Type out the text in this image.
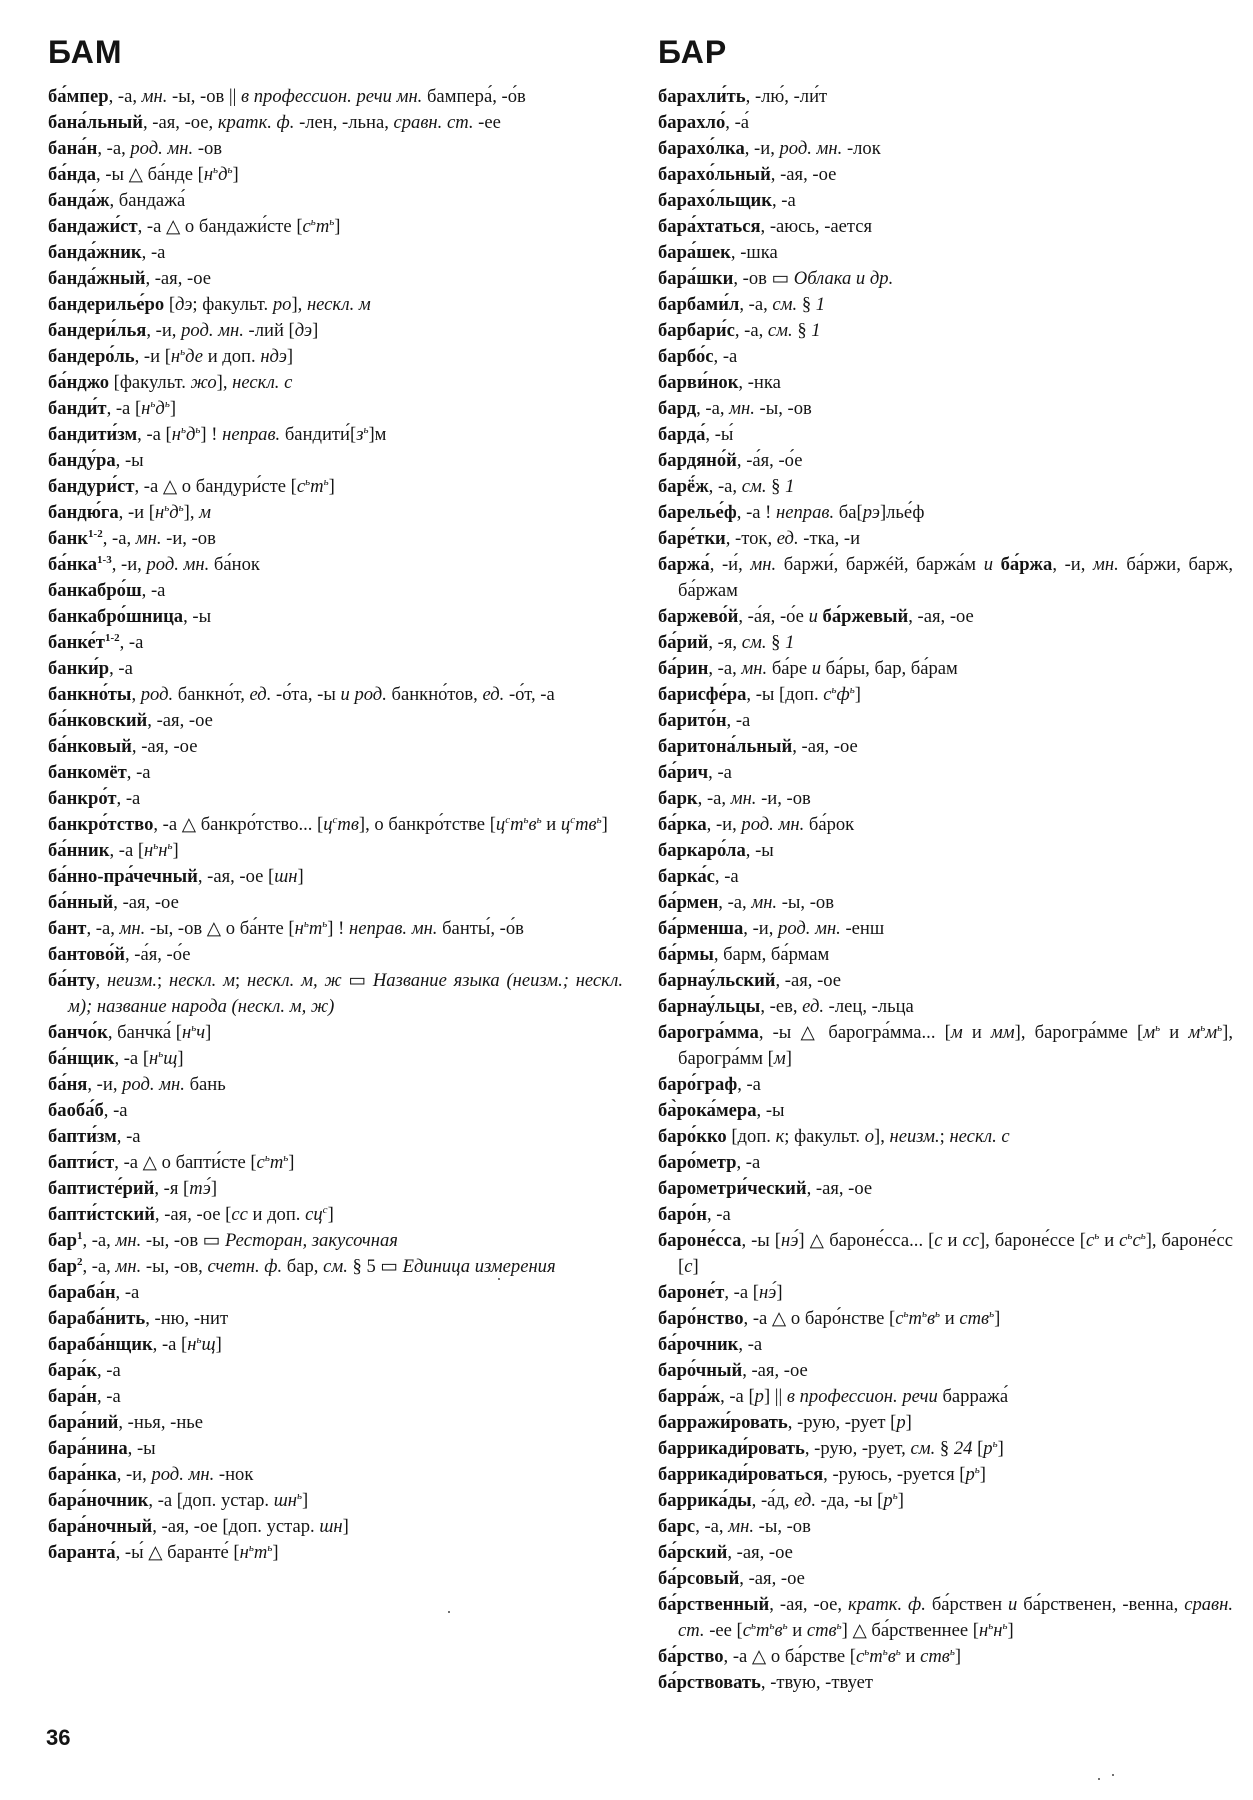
БАМ
ба́мпер, -а, мн. -ы, -ов || в профессион. речи мн. бампера́, -о́в
бана́льный, -ая, -ое, кратк. ф. -лен, -льна, сравн. ст. -ее
бана́н, -а, род. мн. -ов
ба́нда, -ы △ ба́нде $[н^ьд^ь]$
банда́ж, бандажа́
бандажи́ст, -а △ о бандажи́сте $[с^ьт^ь]$
банда́жник, -а
банда́жный, -ая, -ое
бандерилье́ро [дэ; факульт. ро], нескл. м
бандери́лья, -и, род. мн. -лий [дэ]
бандеро́ль, -и [$н^ьде$ и доп. ндэ]
ба́нджо [факульт. жо], нескл. с
банди́т, -а $[н^ьд^ь]$
бандити́зм, -а $[н^ьд^ь]$ ! неправ. $бандити́[з^ь]м$
банду́ра, -ы
бандури́ст, -а △ о бандури́сте $[с^ьт^ь]$
бандю́га, -и $[н^ьд^ь]$, м
банк$^{1-2}$, -а, мн. -и, -ов
ба́нка$^{1-3}$, -и, род. мн. ба́нок
банкабро́ш, -а
банкабро́шница, -ы
$банке́т^{1-2}$, -а
банки́р, -а
банкно́ты, род. банкно́т, ед. -о́та, -ы и род. банкно́тов, ед. -о́т, -а
ба́нковский, -ая, -ое
ба́нковый, -ая, -ое
банкомёт, -а
банкро́т, -а
банкро́тство, -а △ банкро́тство... $[ц^ств]$, о банкро́тстве [$ц^ст^ьв^ь$ и $ц^ств^ь$]
ба́нник, -а $[н^ьн^ь]$
ба́нно-пра́чечный, -ая, -ое [шн]
ба́нный, -ая, -ое
бант, -а, мн. -ы, -ов △ о ба́нте $[н^ьт^ь]$ ! неправ. мн. банты́, -о́в
бантово́й, -а́я, -о́е
ба́нту, неизм.; нескл. м; нескл. м, ж ▭ Название языка (неизм.; нескл. м); название народа (нескл. м, ж)
банчо́к, банчка́ $[н^ьч]$
ба́нщик, -а $[н^ьщ]$
ба́ня, -и, род. мн. бань
баоба́б, -а
бапти́зм, -а
бапти́ст, -а △ о бапти́сте $[с^ьт^ь]$
баптисте́рий, -я [тэ́]
бапти́стский, -ая, -ое [сс и доп. $сц^с$]
бар$^1$, -а, мн. -ы, -ов ▭ Ресторан, закусочная
бар$^2$, -а, мн. -ы, -ов, счетн. ф. бар, см. § 5 ▭ Единица измерения
бараба́н, -а
бараба́нить, -ню, -нит
бараба́нщик, -а $[н^ьщ]$
бара́к, -а
бара́н, -а
бара́ний, -нья, -нье
бара́нина, -ы
бара́нка, -и, род. мн. -нок
бара́ночник, -а [доп. устар. $шн^ь$]
бара́ночный, -ая, -ое [доп. устар. шн]
баранта́, -ы́ △ баранте́ $[н^ьт^ь]$
БАР
барахли́ть, -лю́, -ли́т
барахло́, -а́
бараxо́лка, -и, род. мн. -лок
бараxо́льный, -ая, -ое
бараxо́льщик, -а
бара́хтаться, -аюсь, -ается
бара́шек, -шка
бара́шки, -ов ▭ Облака и др.
барбами́л, -а, см. § 1
барбари́с, -а, см. § 1
барбо́с, -а
барви́нок, -нка
бард, -а, мн. -ы, -ов
барда́, -ы́
бардяно́й, -а́я, -о́е
барё́ж, -а, см. § 1
барелье́ф, -а ! неправ. ба[рэ]лье́ф
баре́тки, -ток, ед. -тка, -и
баржа́, -и́, мн. баржи́, баржéй, баржа́м и ба́ржа, -и, мн. ба́ржи, барж, ба́ржам
баржево́й, -а́я, -о́е и ба́ржевый, -ая, -ое
ба́рий, -я, см. § 1
ба́рин, -а, мн. ба́ре и ба́ры, бар, ба́рам
барисфе́ра, -ы [доп. $с^ьф^ь$]
барито́н, -а
баритона́льный, -ая, -ое
ба́рич, -а
барк, -а, мн. -и, -ов
ба́рка, -и, род. мн. ба́рок
баркаро́ла, -ы
барка́с, -а
ба́рмен, -а, мн. -ы, -ов
ба́рменша, -и, род. мн. -енш
ба́рмы, барм, ба́рмам
барнау́льский, -ая, -ое
барнау́льцы, -ев, ед. -лец, -льца
барогра́мма, -ы △ барогра́мма... [м и мм], барогра́мме [$м^ь$ и $м^ьм^ь$], барогра́мм [м]
баро́граф, -а
ба̀рока́мера, -ы
баро́кко [доп. к; факульт. о], неизм.; нескл. с
баро́метр, -а
барометри́ческий, -ая, -ое
баро́н, -а
бароне́сса, -ы [нэ́] △ бароне́сса... [с и сс], бароне́ссе [$с^ь$ и $с^ьс^ь$], бароне́сс [с]
бароне́т, -а [нэ́]
баро́нство, -а △ о баро́нстве [$с^ьт^ьв^ь$ и ств$^ь$]
ба́рочник, -а
баро́чный, -ая, -ое
барра́ж, -а [р] || в профессион. речи барража́
барражи́ровать, -рую, -рует [р]
баррикади́ровать, -рую, -рует, см. § 24 $[р^ь]$
баррикади́роваться, -руюсь, -руется $[р^ь]$
баррика́ды, -а́д, ед. -да, -ы $[р^ь]$
барс, -а, мн. -ы, -ов
ба́рский, -ая, -ое
ба́рсовый, -ая, -ое
ба́рственный, -ая, -ое, кратк. ф. ба́рствен и ба́рственен, -венна, сравн. ст. -ее [$с^ьт^ьв^ь$ и ств$^ь$] △ ба́рственнее $[н^ьн^ь]$
ба́рство, -а △ о ба́рстве [$с^ьт^ьв^ь$ и ств$^ь$]
ба́рствовать, -твую, -твует
36
